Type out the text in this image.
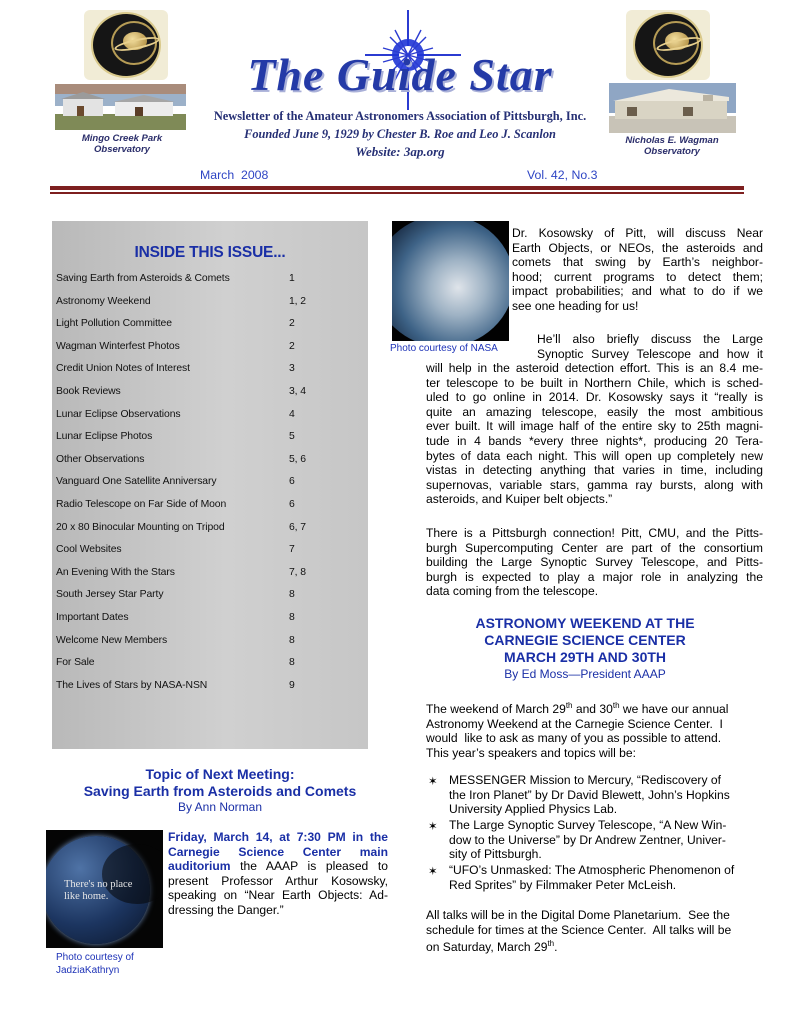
Mingo Creek Park
Observatory
Nicholas E. Wagman
Observatory
The Guide Star
Newsletter of the Amateur Astronomers Association of Pittsburgh, Inc.
Founded June 9, 1929 by Chester B. Roe and Leo J. Scanlon
Website: 3ap.org
March  2008	Vol. 42, No.3
INSIDE THIS ISSUE...
Saving Earth from Asteroids & Comets	1
Astronomy Weekend	1, 2
Light Pollution Committee	2
Wagman Winterfest Photos	2
Credit Union Notes of Interest	3
Book Reviews	3, 4
Lunar Eclipse Observations	4
Lunar Eclipse Photos	5
Other Observations	5, 6
Vanguard One Satellite Anniversary	6
Radio Telescope on Far Side of Moon	6
20 x 80 Binocular Mounting on Tripod	6, 7
Cool Websites	7
An Evening With the Stars	7, 8
South Jersey Star Party	8
Important Dates	8
Welcome New Members	8
For Sale	8
The Lives of Stars by NASA-NSN	9
Topic of Next Meeting:
Saving Earth from Asteroids and Comets
By Ann Norman
There's no place
like home.
Photo courtesy of
JadziaKathryn
Friday, March 14, at 7:30 PM in the
Carnegie Science Center main
auditorium the AAAP is pleased to
present Professor Arthur Kosowsky,
speaking on “Near Earth Objects: Ad-
dressing the Danger.”
Photo courtesy of NASA
Dr. Kosowsky of Pitt, will discuss Near
Earth Objects, or NEOs, the asteroids and
comets that swing by Earth’s neighbor-
hood; current programs to detect them;
impact probabilities; and what to do if we
see one heading for us!
He’ll also briefly discuss the Large
Synoptic Survey Telescope and how it
will help in the asteroid detection effort. This is an 8.4 me-
ter telescope to be built in Northern Chile, which is sched-
uled to go online in 2014. Dr. Kosowsky says it “really is
quite an amazing telescope, easily the most ambitious
ever built. It will image half of the entire sky to 25th magni-
tude in 4 bands *every three nights*, producing 20 Tera-
bytes of data each night. This will open up completely new
vistas in detecting anything that varies in time, including
supernovas, variable stars, gamma ray bursts, along with
asteroids, and Kuiper belt objects.”
There is a Pittsburgh connection! Pitt, CMU, and the Pitts-
burgh Supercomputing Center are part of the consortium
building the Large Synoptic Survey Telescope, and Pitts-
burgh is expected to play a major role in analyzing the
data coming from the telescope.
ASTRONOMY WEEKEND AT THE
CARNEGIE SCIENCE CENTER
MARCH 29TH AND 30TH
By Ed Moss—President AAAP
The weekend of March 29th and 30th we have our annual
Astronomy Weekend at the Carnegie Science Center.  I
would  like to ask as many of you as possible to attend.
This year’s speakers and topics will be:
✶ MESSENGER Mission to Mercury, “Rediscovery of
the Iron Planet” by Dr David Blewett, John’s Hopkins
University Applied Physics Lab.
✶ The Large Synoptic Survey Telescope, “A New Win-
dow to the Universe” by Dr Andrew Zentner, Univer-
sity of Pittsburgh.
✶ “UFO’s Unmasked: The Atmospheric Phenomenon of
Red Sprites” by Filmmaker Peter McLeish.
All talks will be in the Digital Dome Planetarium.  See the
schedule for times at the Science Center.  All talks will be
on Saturday, March 29th.
